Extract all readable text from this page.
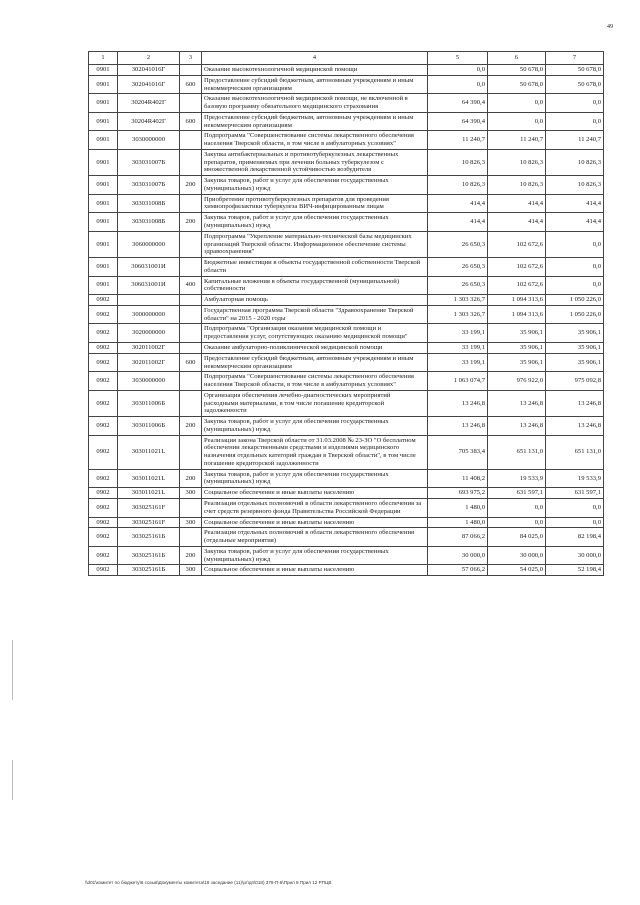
49
1	2	3	4	5	6	7
0901	302041016Г		Оказание высокотехнологичной медицинской помощи	0,0	50 678,0	50 678,0
0901	302041016Г	600	Предоставление субсидий бюджетным, автономным учреждениям и иным некоммерческим организациям	0,0	50 678,0	50 678,0
0901	30204R402Г		Оказание высокотехнологичной медицинской помощи, не включенной в базовую программу обязательного медицинского страхования	64 390,4	0,0	0,0
0901	30204R402Г	600	Предоставление субсидий бюджетным, автономным учреждениям и иным некоммерческим организациям	64 390,4	0,0	0,0
0901	3030000000		Подпрограмма "Совершенствование системы лекарственного обеспечения населения Тверской области, в том числе в амбулаторных условиях"	11 240,7	11 240,7	11 240,7
0901	303031007Б		Закупка антибактериальных и противотуберкулезных лекарственных препаратов, применяемых при лечении больных туберкулезом с множественной лекарственной устойчивостью возбудителя	10 826,3	10 826,3	10 826,3
0901	303031007Б	200	Закупка товаров, работ и услуг для обеспечения государственных (муниципальных) нужд	10 826,3	10 826,3	10 826,3
0901	303031008Б		Приобретение противотуберкулезных препаратов для проведения химиопрофилактики туберкулеза ВИЧ-инфицированным лицам	414,4	414,4	414,4
0901	303031008Б	200	Закупка товаров, работ и услуг для обеспечения государственных (муниципальных) нужд	414,4	414,4	414,4
0901	3060000000		Подпрограмма "Укрепление материально-технической базы медицинских организаций Тверской области. Информационное обеспечение системы здравоохранения"	26 650,3	102 672,6	0,0
0901	306031001И		Бюджетные инвестиции в объекты государственной собственности Тверской области	26 650,3	102 672,6	0,0
0901	306031001И	400	Капитальные вложения в объекты государственной (муниципальной) собственности	26 650,3	102 672,6	0,0
0902			Амбулаторная помощь	1 303 326,7	1 094 313,6	1 050 226,0
0902	3000000000		Государственная программа Тверской области "Здравоохранение Тверской области" на 2015 - 2020 годы	1 303 326,7	1 094 313,6	1 050 226,0
0902	3020000000		Подпрограмма "Организация оказания медицинской помощи и предоставления услуг, сопутствующих оказанию медицинской помощи"	33 199,1	35 906,1	35 906,1
0902	302011002Г		Оказание амбулаторно-поликлинической медицинской помощи	33 199,1	35 906,1	35 906,1
0902	302011002Г	600	Предоставление субсидий бюджетным, автономным учреждениям и иным некоммерческим организациям	33 199,1	35 906,1	35 906,1
0902	3030000000		Подпрограмма "Совершенствование системы лекарственного обеспечения населения Тверской области, в том числе в амбулаторных условиях"	1 063 074,7	976 922,0	975 092,8
0902	303011006Б		Организация обеспечения лечебно-диагностических мероприятий расходными материалами, в том числе погашение кредиторской задолженности	13 246,8	13 246,8	13 246,8
0902	303011006Б	200	Закупка товаров, работ и услуг для обеспечения государственных (муниципальных) нужд	13 246,8	13 246,8	13 246,8
0902	303011021L		Реализация закона Тверской области от 31.03.2008 № 23-ЗО "О бесплатном обеспечении лекарственными средствами и изделиями медицинского назначения отдельных категорий граждан в Тверской области", в том числе погашение кредиторской задолженности	705 383,4	651 131,0	651 131,0
0902	303011021L	200	Закупка товаров, работ и услуг для обеспечения государственных (муниципальных) нужд	11 408,2	19 533,9	19 533,9
0902	303011021L	300	Социальное обеспечение и иные выплаты населению	693 975,2	631 597,1	631 597,1
0902	303025161F		Реализация отдельных полномочий в области лекарственного обеспечения за счет средств резервного фонда Правительства Российской Федерации	1 480,0	0,0	0,0
0902	303025161F	300	Социальное обеспечение и иные выплаты населению	1 480,0	0,0	0,0
0902	303025161Б		Реализация отдельных полномочий в области лекарственного обеспечения (отдельные мероприятия)	87 066,2	84 025,0	82 198,4
0902	303025161Б	200	Закупка товаров, работ и услуг для обеспечения государственных (муниципальных) нужд	30 000,0	30 000,0	30 000,0
0902	303025161Б	300	Социальное обеспечение и иные выплаты населению	57 066,2	54 025,0	52 198,4
\\d01\комитет по бюджету\6 созыв\Документы комитета\18 заседание (11)\рг\дп\018) 378-П-6\Прил 8 Прил 12 РПЦВ
